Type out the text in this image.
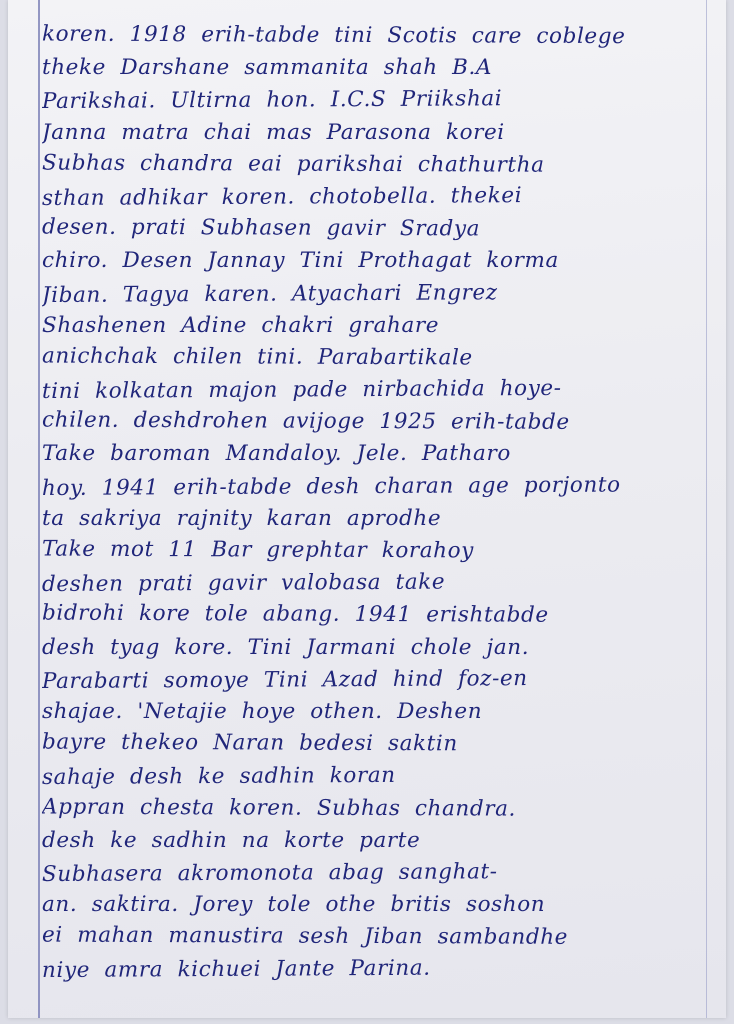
koren. 1918 erih-tabde tini Scotis care coblege
theke Darshane sammanita shah B.A
Parikshai. Ultirna hon. I.C.S Priikshai
Janna matra chai mas Parasona korei
Subhas chandra eai parikshai chathurtha
sthan adhikar koren. chotobella. thekei
desen. prati Subhasen gavir Sradya
chiro. Desen Jannay Tini Prothagat korma
Jiban. Tagya karen. Atyachari Engrez
Shashenen Adine chakri grahare
anichchak chilen tini. Parabartikale
tini kolkatan majon pade nirbachida hoye-
chilen. deshdrohen avijoge 1925 erih-tabde
Take baroman Mandaloy. Jele. Patharo
hoy. 1941 erih-tabde desh charan age porjonto
ta sakriya rajnity karan aprodhe
Take mot 11 Bar grephtar korahoy
deshen prati gavir valobasa take
bidrohi kore tole abang. 1941 erishtabde
desh tyag kore. Tini Jarmani chole jan.
Parabarti somoye Tini Azad hind foz-en
shajae. 'Netajie hoye othen. Deshen
bayre thekeo Naran bedesi saktin
sahaje desh ke sadhin koran
Appran chesta koren. Subhas chandra.
desh ke sadhin na korte parte
Subhasera akromonota abag sanghat-
an. saktira. Jorey tole othe britis soshon
ei mahan manustira sesh Jiban sambandhe
niye amra kichuei Jante Parina.
